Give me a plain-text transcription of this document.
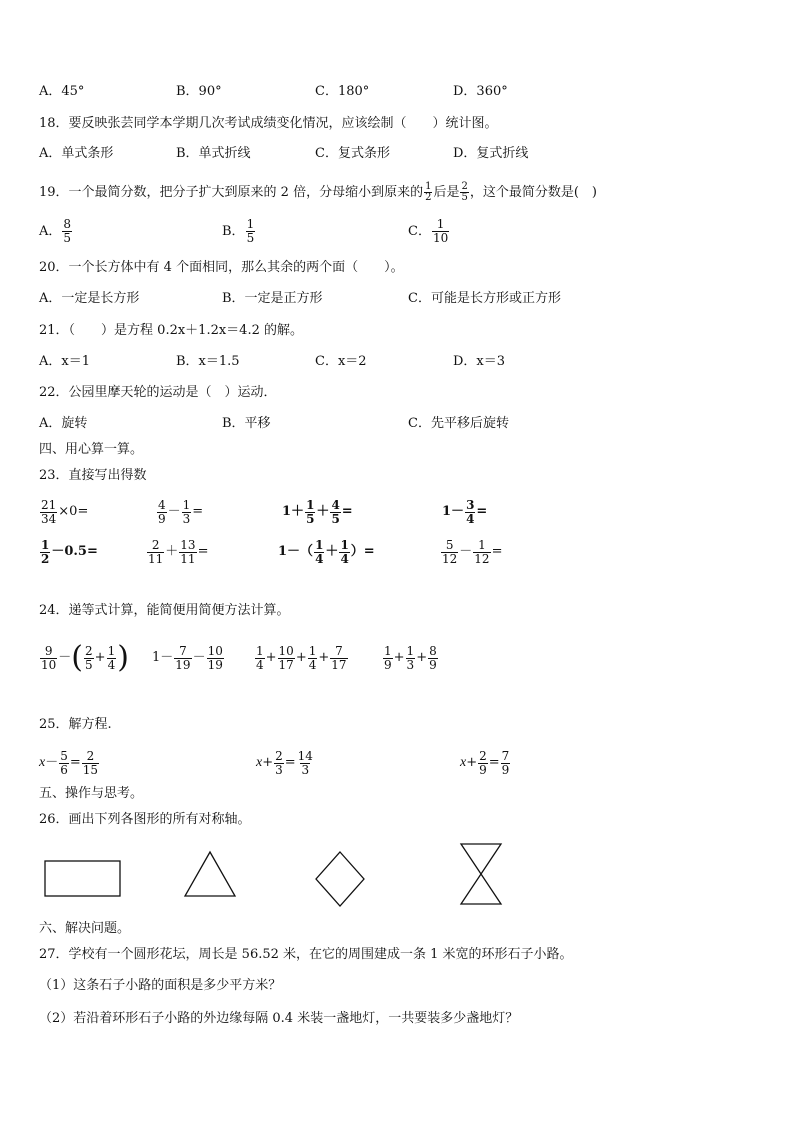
A．45°	B．90°	C．180°	D．360°
18．要反映张芸同学本学期几次考试成绩变化情况，应该绘制（　　）统计图。
A．单式条形	B．单式折线	C．复式条形	D．复式折线
19．一个最简分数，把分子扩大到原来的 2 倍，分母缩小到原来的 $\frac{1}{2}$ 后是 $\frac{2}{5}$ ，这个最简分数是(　)
A． $\frac{8}{5}$	B． $\frac{1}{5}$	C． $\frac{1}{10}$
20．一个长方体中有 4 个面相同，那么其余的两个面（　　）。
A．一定是长方形	B．一定是正方形	C．可能是长方形或正方形
21．（　　）是方程 0.2x＋1.2x＝4.2 的解。
A．x＝1	B．x＝1.5	C．x＝2	D．x＝3
22．公园里摩天轮的运动是（　）运动．
A．旋转	B．平移	C．先平移后旋转
四、用心算一算。
23．直接写出得数
$\frac{21}{34} \times 0=$	$\frac{4}{9} - \frac{1}{3}$ =	$1+ \frac{1}{5} + \frac{4}{5}$ =	$1- \frac{3}{4}$ =
$\frac{1}{2} -0.5=$	$\frac{2}{11} + \frac{13}{11}$ =	$1-( \frac{1}{4} + \frac{1}{4}$ ）=	$\frac{5}{12} - \frac{1}{12}$ =
24．递等式计算，能简便用简便方法计算。
$\frac{9}{10}$ －( $\frac{2}{5} + \frac{1}{4}$ ) $1- \frac{7}{19} - \frac{10}{19}$	$\frac{1}{4} + \frac{10}{17} + \frac{1}{4} + \frac{7}{17}$	$\frac{1}{9} + \frac{1}{3} + \frac{8}{9}$
25．解方程.
$x- \frac{5}{6} = \frac{2}{15}$	$x+ \frac{2}{3} = \frac{14}{3}$	$x+ \frac{2}{9} = \frac{7}{9}$
五、操作与思考。
26．画出下列各图形的所有对称轴。
六、解决问题。
27．学校有一个圆形花坛，周长是 56.52 米，在它的周围建成一条 1 米宽的环形石子小路。
（1）这条石子小路的面积是多少平方米？
（2）若沿着环形石子小路的外边缘每隔 0.4 米装一盏地灯，一共要装多少盏地灯？
